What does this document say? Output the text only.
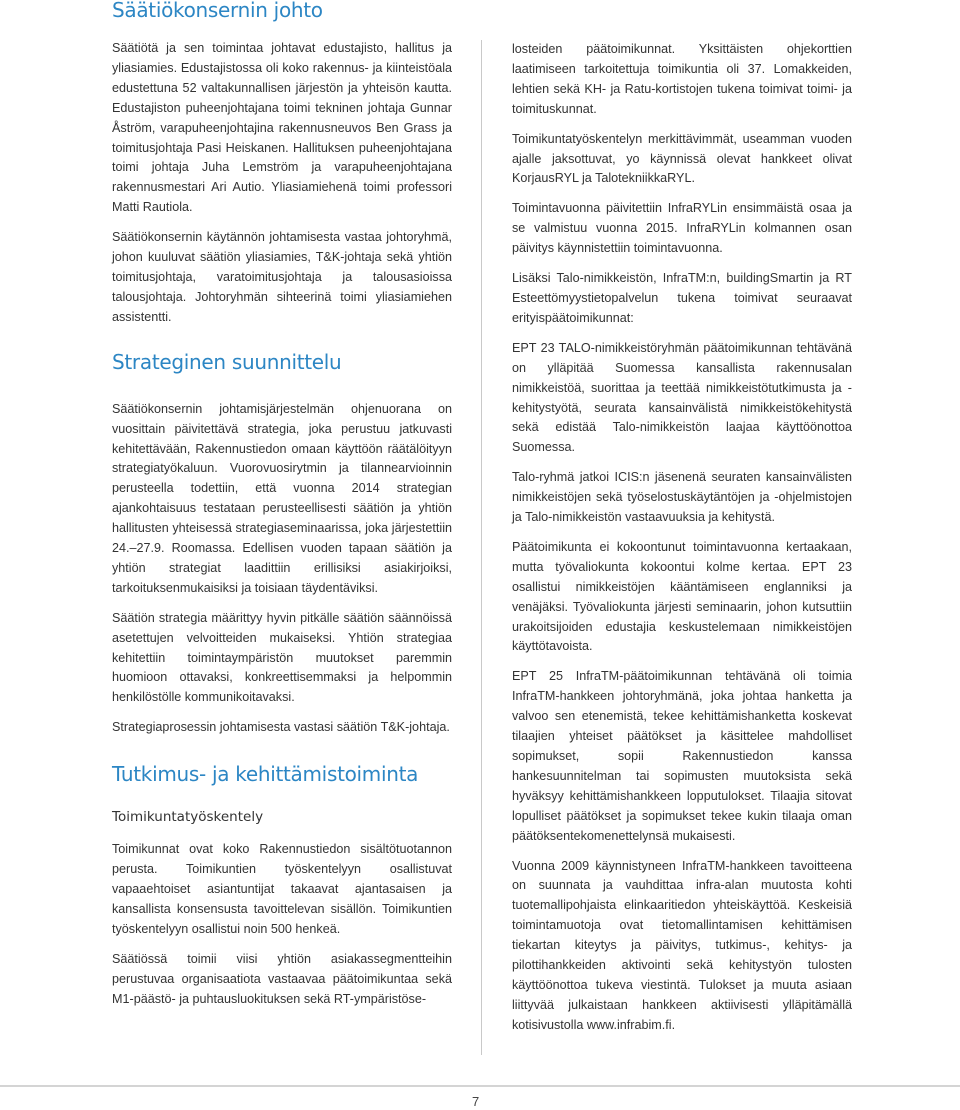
Säätiökonsernin johto

Säätiötä ja sen toimintaa johtavat edustajisto, hallitus ja yliasiamies. Edustajistossa oli koko rakennus- ja kiinteistöala edustettuna 52 valtakunnallisen järjestön ja yhteisön kautta. Edustajiston puheenjohtajana toimi tekninen johtaja Gunnar Åström, varapuheenjohtajina rakennusneuvos Ben Grass ja toimitusjohtaja Pasi Heiskanen. Hallituksen puheenjohtajana toimi johtaja Juha Lemström ja varapuheenjohtajana rakennusmestari Ari Autio. Yliasiamiehenä toimi professori Matti Rautiola.

Säätiökonsernin käytännön johtamisesta vastaa johtoryhmä, johon kuuluvat säätiön yliasiamies, T&K-johtaja sekä yhtiön toimitusjohtaja, varatoimitusjohtaja ja talousasioissa talousjohtaja. Johtoryhmän sihteerinä toimi yliasiamiehen assistentti.

Strateginen suunnittelu

Säätiökonsernin johtamisjärjestelmän ohjenuorana on vuosittain päivitettävä strategia, joka perustuu jatkuvasti kehitettävään, Rakennustiedon omaan käyttöön räätälöityyn strategiatyökaluun. Vuorovuosirytmin ja tilannearvioinnin perusteella todettiin, että vuonna 2014 strategian ajankohtaisuus testataan perusteellisesti säätiön ja yhtiön hallitusten yhteisessä strategiaseminaarissa, joka järjestettiin 24.–27.9. Roomassa. Edellisen vuoden tapaan säätiön ja yhtiön strategiat laadittiin erillisiksi asiakirjoiksi, tarkoituksenmukaisiksi ja toisiaan täydentäviksi.

Säätiön strategia määrittyy hyvin pitkälle säätiön säännöissä asetettujen velvoitteiden mukaiseksi. Yhtiön strategiaa kehitettiin toimintaympäristön muutokset paremmin huomioon ottavaksi, konkreettisemmaksi ja helpommin henkilöstölle kommunikoitavaksi.

Strategiaprosessin johtamisesta vastasi säätiön T&K-johtaja.

Tutkimus- ja kehittämistoiminta
Toimikuntatyöskentely

Toimikunnat ovat koko Rakennustiedon sisältötuotannon perusta. Toimikuntien työskentelyyn osallistuvat vapaaehtoiset asiantuntijat takaavat ajantasaisen ja kansallista konsensusta tavoittelevan sisällön. Toimikuntien työskentelyyn osallistui noin 500 henkeä.

Säätiössä toimii viisi yhtiön asiakassegmentteihin perustuvaa organisaatiota vastaavaa päätoimikuntaa sekä M1-päästö- ja puhtausluokituksen sekä RT-ympäristöse-

losteiden päätoimikunnat. Yksittäisten ohjekorttien laatimiseen tarkoitettuja toimikuntia oli 37. Lomakkeiden, lehtien sekä KH- ja Ratu-kortistojen tukena toimivat toimi- ja toimituskunnat.

Toimikuntatyöskentelyn merkittävimmät, useamman vuoden ajalle jaksottuvat, yo käynnissä olevat hankkeet olivat KorjausRYL ja TalotekniikkaRYL.

Toimintavuonna päivitettiin InfraRYLin ensimmäistä osaa ja se valmistuu vuonna 2015. InfraRYLin kolmannen osan päivitys käynnistettiin toimintavuonna.

Lisäksi Talo-nimikkeistön, InfraTM:n, buildingSmartin ja RT Esteettömyystietopalvelun tukena toimivat seuraavat erityispäätoimikunnat:

EPT 23 TALO-nimikkeistöryhmän päätoimikunnan tehtävänä on ylläpitää Suomessa kansallista rakennusalan nimikkeistöä, suorittaa ja teettää nimikkeistötutkimusta ja -kehitystyötä, seurata kansainvälistä nimikkeistökehitystä sekä edistää Talo-nimikkeistön laajaa käyttöönottoa Suomessa.

Talo-ryhmä jatkoi ICIS:n jäsenenä seuraten kansainvälisten nimikkeistöjen sekä työselostuskäytäntöjen ja -ohjelmistojen ja Talo-nimikkeistön vastaavuuksia ja kehitystä.

Päätoimikunta ei kokoontunut toimintavuonna kertaakaan, mutta työvaliokunta kokoontui kolme kertaa. EPT 23 osallistui nimikkeistöjen kääntämiseen englanniksi ja venäjäksi. Työvaliokunta järjesti seminaarin, johon kutsuttiin urakoitsijoiden edustajia keskustelemaan nimikkeistöjen käyttötavoista.

EPT 25 InfraTM-päätoimikunnan tehtävänä oli toimia InfraTM-hankkeen johtoryhmänä, joka johtaa hanketta ja valvoo sen etenemistä, tekee kehittämishanketta koskevat tilaajien yhteiset päätökset ja käsittelee mahdolliset sopimukset, sopii Rakennustiedon kanssa hankesuunnitelman tai sopimusten muutoksista sekä hyväksyy kehittämishankkeen lopputulokset. Tilaajia sitovat lopulliset päätökset ja sopimukset tekee kukin tilaaja oman päätöksentekomenettelynsä mukaisesti.

Vuonna 2009 käynnistyneen InfraTM-hankkeen tavoitteena on suunnata ja vauhdittaa infra-alan muutosta kohti tuotemallipohjaista elinkaaritiedon yhteiskäyttöä. Keskeisiä toimintamuotoja ovat tietomallintamisen kehittämisen tiekartan kiteytys ja päivitys, tutkimus-, kehitys- ja pilottihankkeiden aktivointi sekä kehitystyön tulosten käyttöönottoa tukeva viestintä. Tulokset ja muuta asiaan liittyvää julkaistaan hankkeen aktiivisesti ylläpitämällä kotisivustolla www.infrabim.fi.

7
